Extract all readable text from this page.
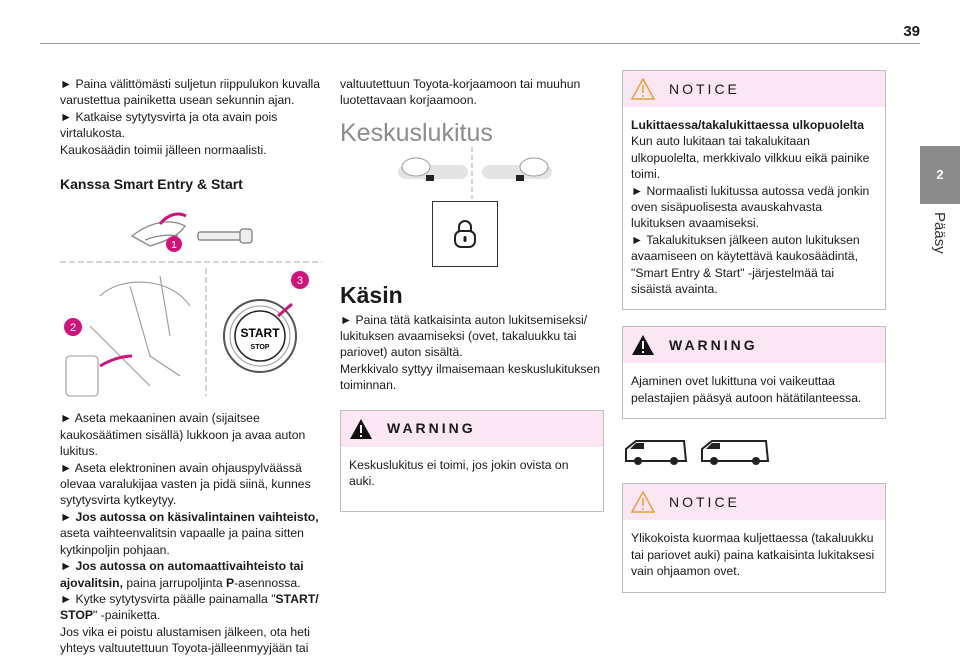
39
2
Pääsy

► Paina välittömästi suljetun riippulukon kuvalla varustettua painiketta usean sekunnin ajan.

► Katkaise sytytysvirta ja ota avain pois virtalukosta.

Kaukosäädin toimii jälleen normaalisti.

Kanssa Smart Entry & Start
1
2	START
STOP
3

► Aseta mekaaninen avain (sijaitsee kaukosäätimen sisällä) lukkoon ja avaa auton lukitus.

► Aseta elektroninen avain ohjauspylväässä olevaa varalukijaa vasten ja pidä siinä, kunnes sytytysvirta kytkeytyy.

► Jos autossa on käsivalintainen vaihteisto, aseta vaihteenvalitsin vapaalle ja paina sitten kytkinpoljin pohjaan.

► Jos autossa on automaattivaihteisto tai ajovalitsin, paina jarrupoljinta P-asennossa.

► Kytke sytytysvirta päälle painamalla "START/ STOP" -painiketta.

Jos vika ei poistu alustamisen jälkeen, ota heti yhteys valtuutettuun Toyota-jälleenmyyjään tai

valtuutettuun Toyota-korjaamoon tai muuhun luotettavaan korjaamoon.

Keskuslukitus
Käsin

► Paina tätä katkaisinta auton lukitsemiseksi/ lukituksen avaamiseksi (ovet, takaluukku tai pariovet) auton sisältä.

Merkkivalo syttyy ilmaisemaan keskuslukituksen toiminnan.

WARNING
Keskuslukitus ei toimi, jos jokin ovista on auki.
NOTICE

Lukittaessa/takalukittaessa ulkopuolelta

Kun auto lukitaan tai takalukitaan ulkopuolelta, merkkivalo vilkkuu eikä painike toimi.

► Normaalisti lukitussa autossa vedä jonkin oven sisäpuolisesta avauskahvasta lukituksen avaamiseksi.

► Takalukituksen jälkeen auton lukituksen avaamiseen on käytettävä kaukosäädintä, "Smart Entry & Start" -järjestelmää tai sisäistä avainta.

WARNING
Ajaminen ovet lukittuna voi vaikeuttaa pelastajien pääsyä autoon hätätilanteessa.
NOTICE
Ylikokoista kuormaa kuljettaessa (takaluukku tai pariovet auki) paina katkaisinta lukitaksesi vain ohjaamon ovet.
